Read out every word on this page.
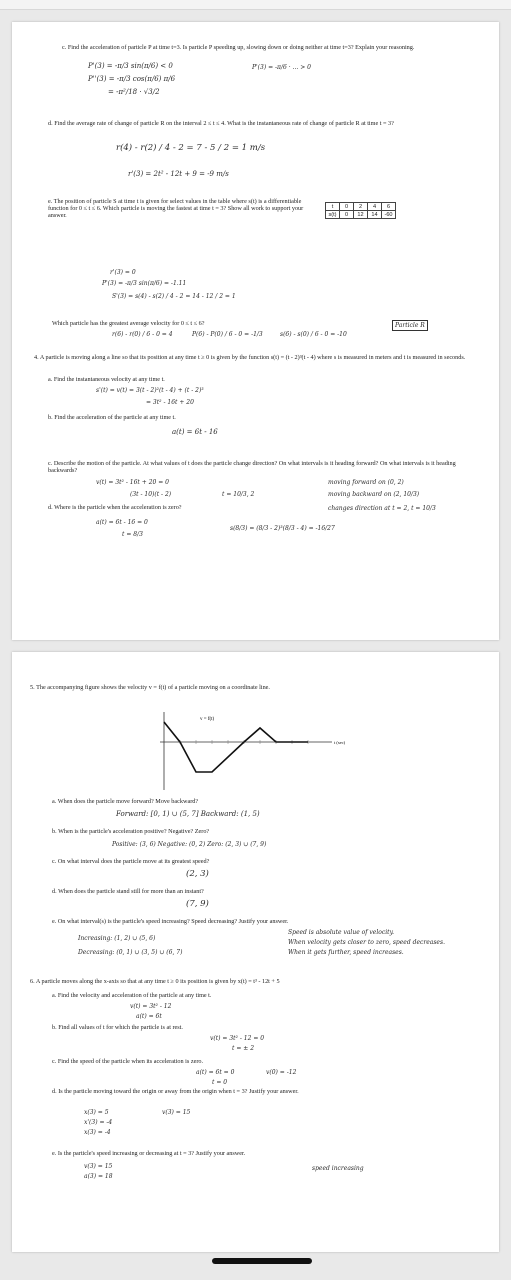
c. Find the acceleration of particle P at time t=3. Is particle P speeding up, slowing down or doing neither at time t=3? Explain your reasoning.
P'(3) = -π/3 sin(π/6) < 0	P'(3) = -π/6 · ... > 0
P''(3) = -π/3 cos(π/6) π/6
= -π²/18 · √3/2
d. Find the average rate of change of particle R on the interval 2 ≤ t ≤ 4. What is the instantaneous rate of change of particle R at time t = 3?
r(4) - r(2) / 4 - 2 = 7 - 5 / 2 = 1 m/s
r'(3) = 2t² - 12t + 9 = -9 m/s
e. The position of particle S at time t is given for select values in the table where s(t) is a differentiable function for 0 ≤ t ≤ 6. Which particle is moving the fastest at time t = 3? Show all work to support your answer.
t	0	2	4	6
s(t)	0	12	14	-60
r'(3) = 0
P'(3) = -π/3 sin(π/6) = -1.11
S'(3) = s(4) - s(2) / 4 - 2 = 14 - 12 / 2 = 1
Which particle has the greatest average velocity for 0 ≤ t ≤ 6?
r(6) - r(0) / 6 - 0 = 4	P(6) - P(0) / 6 - 0 = -1/3	s(6) - s(0) / 6 - 0 = -10
Particle R
4. A particle is moving along a line so that its position at any time t ≥ 0 is given by the function s(t) = (t - 2)³(t - 4) where s is measured in meters and t is measured in seconds.
a. Find the instantaneous velocity at any time t.
s'(t) = v(t) = 3(t - 2)²(t - 4) + (t - 2)³
= 3t² - 16t + 20
b. Find the acceleration of the particle at any time t.
a(t) = 6t - 16
c. Describe the motion of the particle. At what values of t does the particle change direction? On what intervals is it heading forward? On what intervals is it heading backwards?
v(t) = 3t² - 16t + 20 = 0
(3t - 10)(t - 2)	t = 10/3, 2
moving forward on (0, 2)
moving backward on (2, 10/3)
changes direction at t = 2, t = 10/3
d. Where is the particle when the acceleration is zero?
a(t) = 6t - 16 = 0
t = 8/3
s(8/3) = (8/3 - 2)³(8/3 - 4) = -16/27
5. The accompanying figure shows the velocity v = f(t) of a particle moving on a coordinate line.
v = f(t)
t (sec)
a. When does the particle move forward? Move backward?
Forward: [0, 1) ∪ (5, 7] Backward: (1, 5)
b. When is the particle's acceleration positive? Negative? Zero?
Positive: (3, 6) Negative: (0, 2) Zero: (2, 3) ∪ (7, 9)
c. On what interval does the particle move at its greatest speed?
(2, 3)
d. When does the particle stand still for more than an instant?
(7, 9)
e. On what interval(s) is the particle's speed increasing? Speed decreasing? Justify your answer.
Increasing: (1, 2) ∪ (5, 6)
Decreasing: (0, 1) ∪ (3, 5) ∪ (6, 7)
Speed is absolute value of velocity.
When velocity gets closer to zero, speed decreases.
When it gets further, speed increases.
6. A particle moves along the x-axis so that at any time t ≥ 0 its position is given by x(t) = t³ - 12t + 5
a. Find the velocity and acceleration of the particle at any time t.
v(t) = 3t² - 12
a(t) = 6t
b. Find all values of t for which the particle is at rest.
v(t) = 3t² - 12 = 0
t = ± 2
c. Find the speed of the particle when its acceleration is zero.
a(t) = 6t = 0
t = 0
v(0) = -12
d. Is the particle moving toward the origin or away from the origin when t = 3? Justify your answer.
x(3) = 5	v(3) = 15
x'(3) = -4
x(3) = -4
e. Is the particle's speed increasing or decreasing at t = 3? Justify your answer.
v(3) = 15
a(3) = 18
speed increasing
